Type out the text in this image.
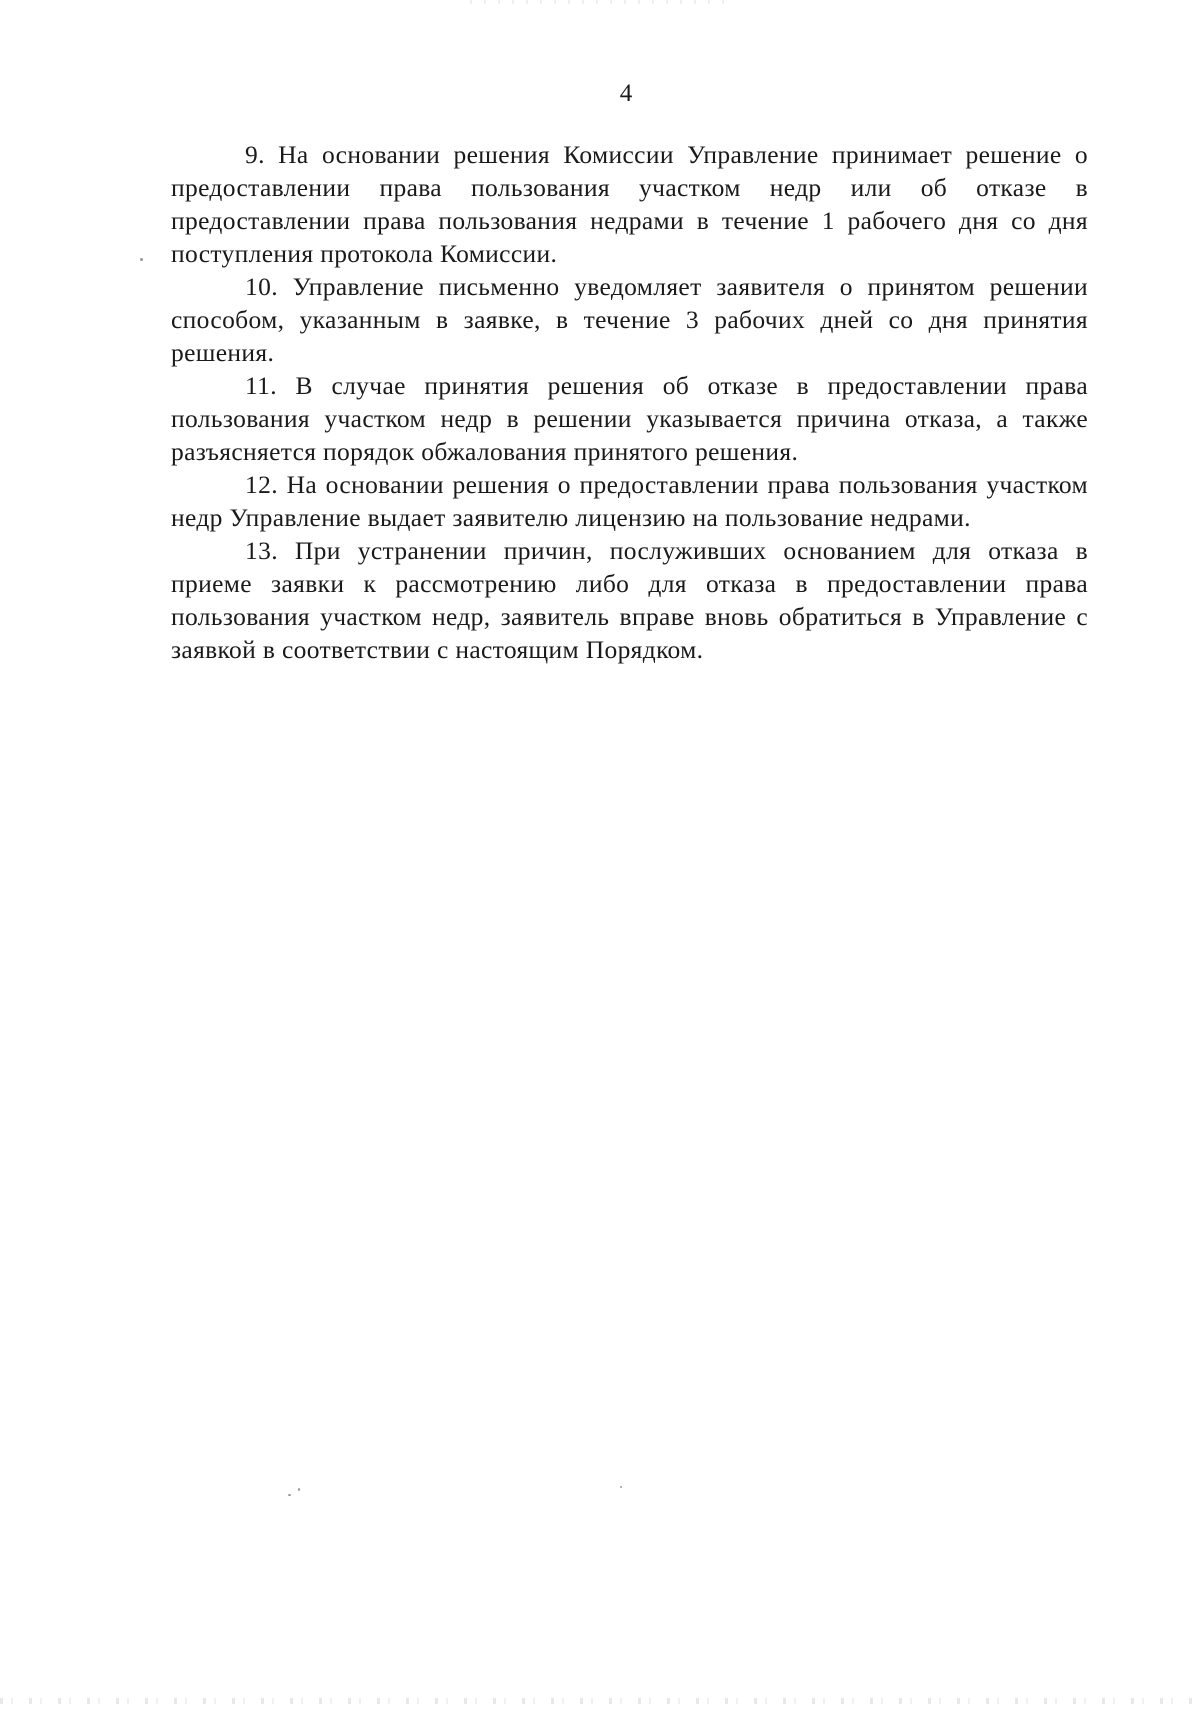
4

9. На основании решения Комиссии Управление принимает решение о предоставлении права пользования участком недр или об отказе в предоставлении права пользования недрами в течение 1 рабочего дня со дня поступления протокола Комиссии.

10. Управление письменно уведомляет заявителя о принятом решении способом, указанным в заявке, в течение 3 рабочих дней со дня принятия решения.

11. В случае принятия решения об отказе в предоставлении права пользования участком недр в решении указывается причина отказа, а также разъясняется порядок обжалования принятого решения.

12. На основании решения о предоставлении права пользования участком недр Управление выдает заявителю лицензию на пользование недрами.

13. При устранении причин, послуживших основанием для отказа в приеме заявки к рассмотрению либо для отказа в предоставлении права пользования участком недр, заявитель вправе вновь обратиться в Управление с заявкой в соответствии с настоящим Порядком.
